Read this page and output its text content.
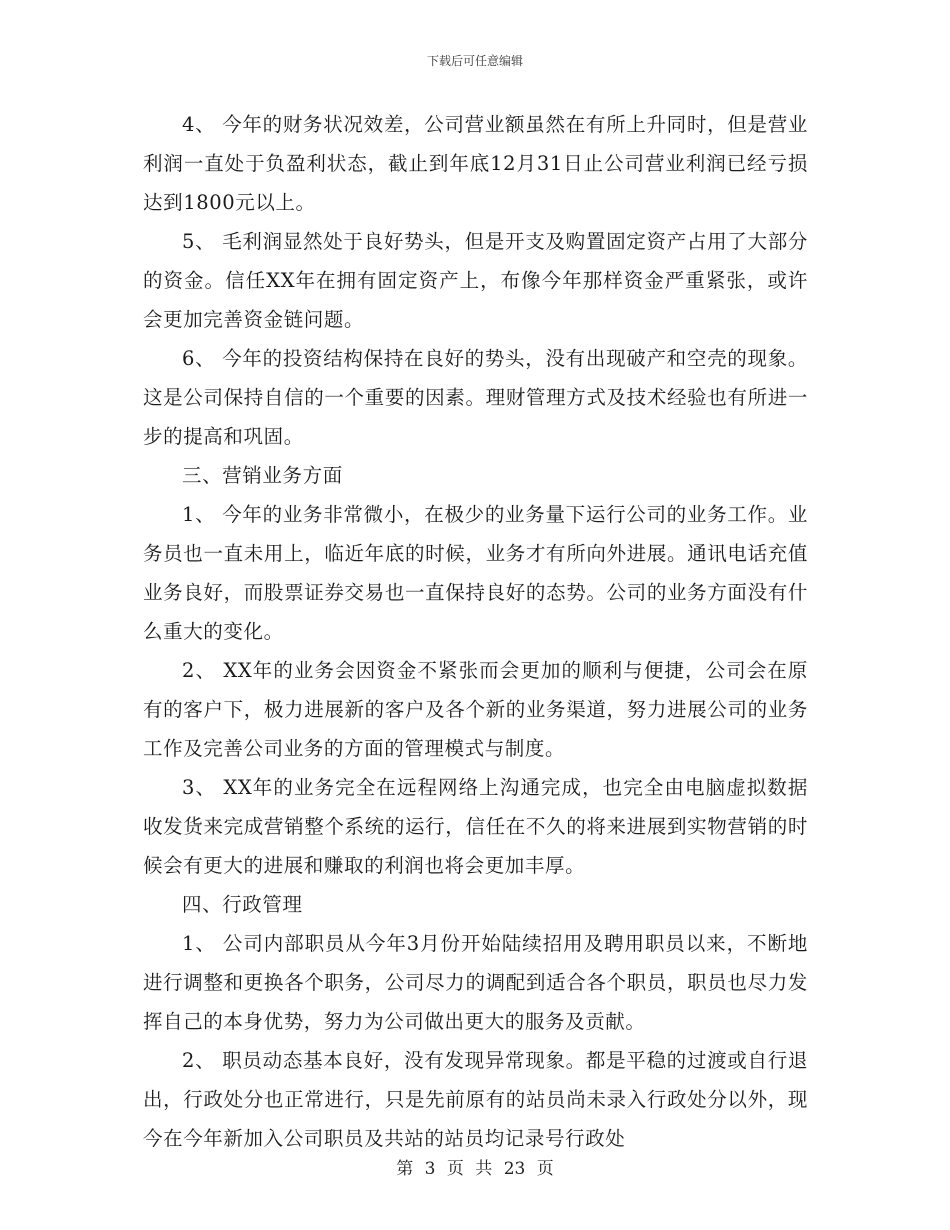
下载后可任意编辑

4、 今年的财务状况效差，公司营业额虽然在有所上升同时，但是营业利润一直处于负盈利状态，截止到年底12月31日止公司营业利润已经亏损达到1800元以上。

5、 毛利润显然处于良好势头，但是开支及购置固定资产占用了大部分的资金。信任XX年在拥有固定资产上，布像今年那样资金严重紧张，或许会更加完善资金链问题。

6、 今年的投资结构保持在良好的势头，没有出现破产和空壳的现象。这是公司保持自信的一个重要的因素。理财管理方式及技术经验也有所进一步的提高和巩固。

三、营销业务方面

1、 今年的业务非常微小，在极少的业务量下运行公司的业务工作。业务员也一直未用上，临近年底的时候，业务才有所向外进展。通讯电话充值业务良好，而股票证券交易也一直保持良好的态势。公司的业务方面没有什么重大的变化。

2、 XX年的业务会因资金不紧张而会更加的顺利与便捷，公司会在原有的客户下，极力进展新的客户及各个新的业务渠道，努力进展公司的业务工作及完善公司业务的方面的管理模式与制度。

3、 XX年的业务完全在远程网络上沟通完成，也完全由电脑虚拟数据收发货来完成营销整个系统的运行，信任在不久的将来进展到实物营销的时候会有更大的进展和赚取的利润也将会更加丰厚。

四、行政管理

1、 公司内部职员从今年3月份开始陆续招用及聘用职员以来，不断地进行调整和更换各个职务，公司尽力的调配到适合各个职员，职员也尽力发挥自己的本身优势，努力为公司做出更大的服务及贡献。

2、 职员动态基本良好，没有发现异常现象。都是平稳的过渡或自行退出，行政处分也正常进行，只是先前原有的站员尚未录入行政处分以外，现今在今年新加入公司职员及共站的站员均记录号行政处

第 3 页 共 23 页
